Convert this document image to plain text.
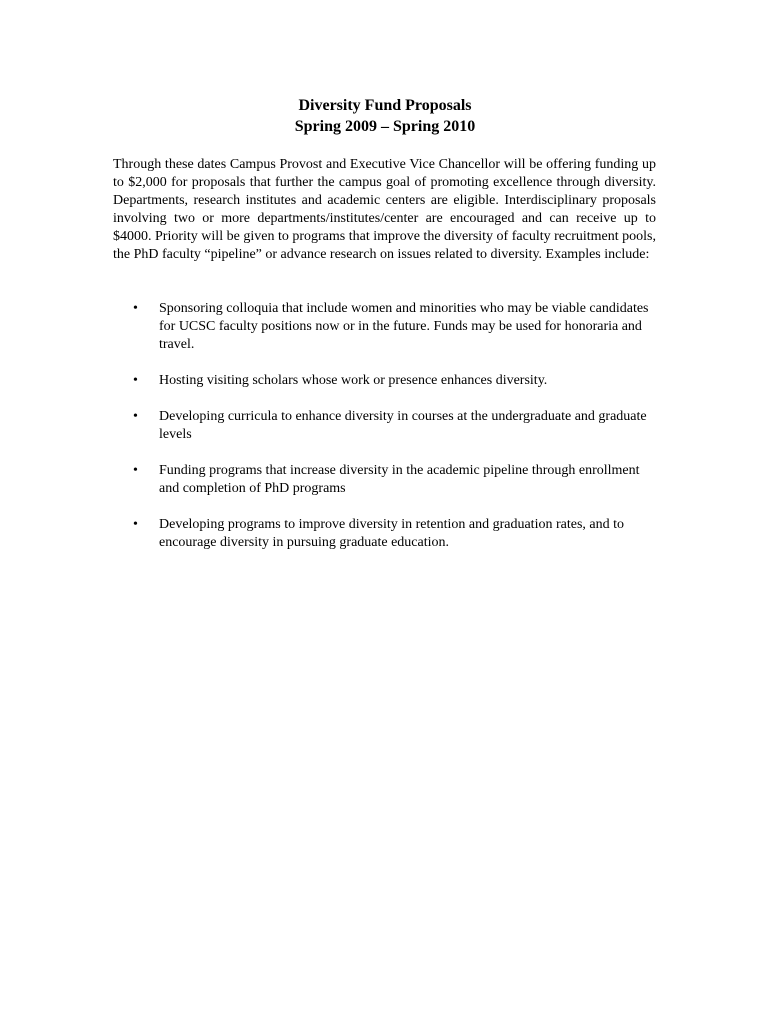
Diversity Fund Proposals
Spring 2009 – Spring 2010

Through these dates Campus Provost and Executive Vice Chancellor will be offering funding up to $2,000 for proposals that further the campus goal of promoting excellence through diversity. Departments, research institutes and academic centers are eligible. Interdisciplinary proposals involving two or more departments/institutes/center are encouraged and can receive up to $4000. Priority will be given to programs that improve the diversity of faculty recruitment pools, the PhD faculty “pipeline” or advance research on issues related to diversity. Examples include:

• Sponsoring colloquia that include women and minorities who may be viable candidates for UCSC faculty positions now or in the future. Funds may be used for honoraria and travel.
• Hosting visiting scholars whose work or presence enhances diversity.
• Developing curricula to enhance diversity in courses at the undergraduate and graduate levels
• Funding programs that increase diversity in the academic pipeline through enrollment and completion of PhD programs
• Developing programs to improve diversity in retention and graduation rates, and to encourage diversity in pursuing graduate education.
